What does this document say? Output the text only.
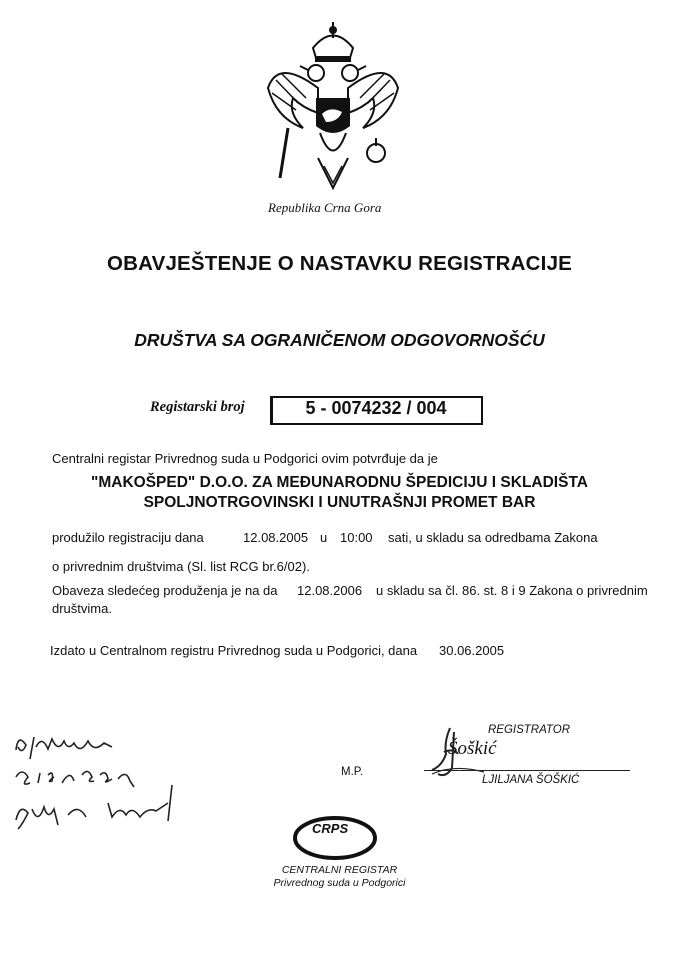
Republika Crna Gora
OBAVJEŠTENJE O NASTAVKU REGISTRACIJE
DRUŠTVA SA OGRANIČENOM ODGOVORNOŠĆU
Registarski broj	5 - 0074232 / 004
Centralni registar Privrednog suda u Podgorici ovim potvrđuje da je
"MAKOŠPED" D.O.O. ZA MEĐUNARODNU ŠPEDICIJU I SKLADIŠTA
SPOLJNOTRGOVINSKI I UNUTRAŠNJI PROMET BAR
produžilo registraciju dana	12.08.2005 u 10:00 sati, u skladu sa odredbama Zakona
o privrednim društvima (Sl. list RCG br.6/02).
Obaveza sledećeg produženja je na da 12.08.2006 u skladu sa čl. 86. st. 8 i 9 Zakona o privrednim
društvima.
Izdato u Centralnom registru Privrednog suda u Podgorici, dana 30.06.2005
M.P.
REGISTRATOR
Šoškić
LJILJANA ŠOŠKIĆ
CRPS
CENTRALNI REGISTAR
Privrednog suda u Podgorici
